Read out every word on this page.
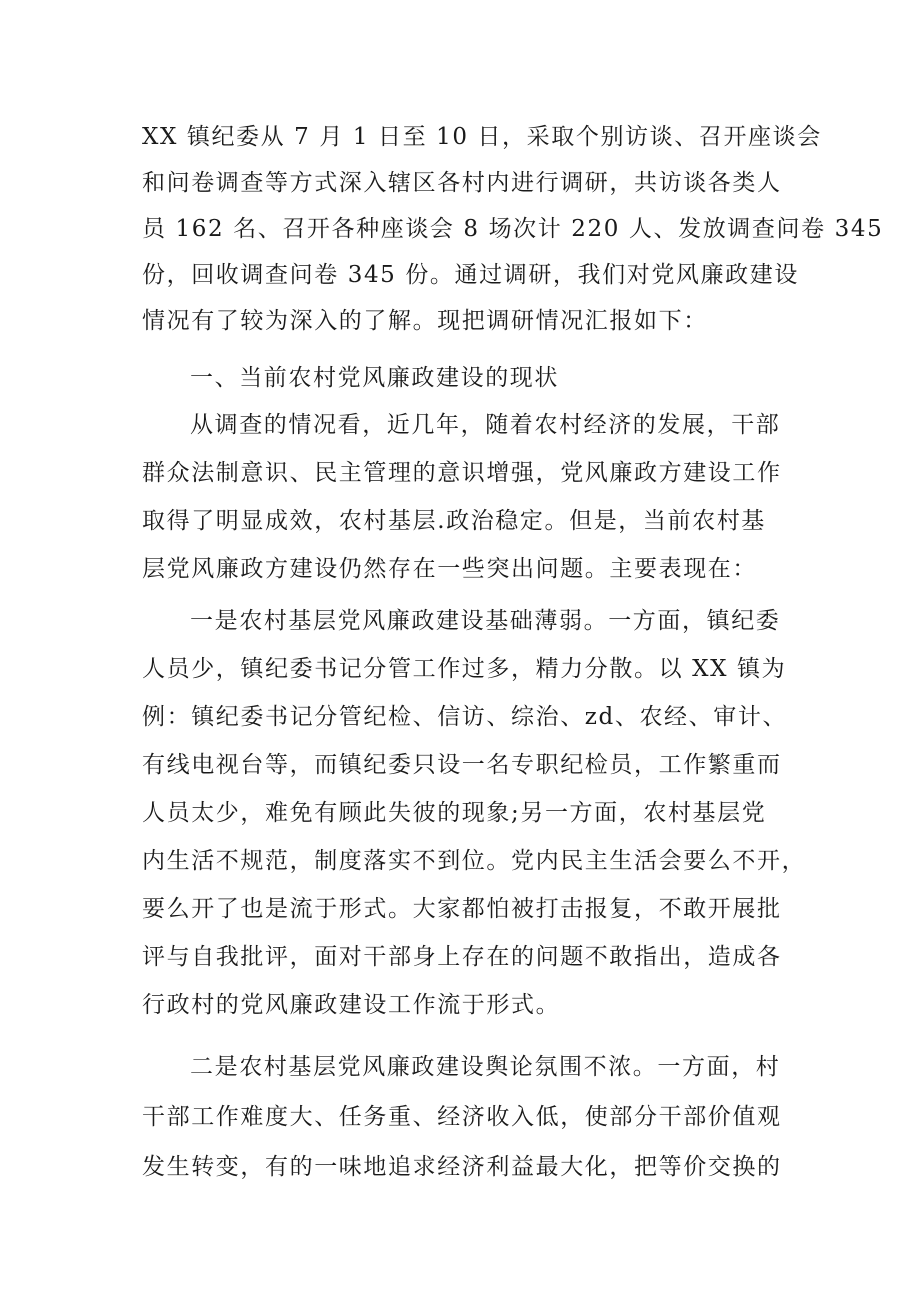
XX 镇纪委从 7 月 1 日至 10 日，采取个别访谈、召开座谈会

和问卷调查等方式深入辖区各村内进行调研，共访谈各类人

员 162 名、召开各种座谈会 8 场次计 220 人、发放调查问卷 345

份，回收调查问卷 345 份。通过调研，我们对党风廉政建设

情况有了较为深入的了解。现把调研情况汇报如下：

一、当前农村党风廉政建设的现状

从调查的情况看，近几年，随着农村经济的发展，干部

群众法制意识、民主管理的意识增强，党风廉政方建设工作

取得了明显成效，农村基层.政治稳定。但是，当前农村基

层党风廉政方建设仍然存在一些突出问题。主要表现在：

一是农村基层党风廉政建设基础薄弱。一方面，镇纪委

人员少，镇纪委书记分管工作过多，精力分散。以 XX 镇为

例：镇纪委书记分管纪检、信访、综治、zd、农经、审计、

有线电视台等，而镇纪委只设一名专职纪检员，工作繁重而

人员太少，难免有顾此失彼的现象;另一方面，农村基层党

内生活不规范，制度落实不到位。党内民主生活会要么不开，

要么开了也是流于形式。大家都怕被打击报复，不敢开展批

评与自我批评，面对干部身上存在的问题不敢指出，造成各

行政村的党风廉政建设工作流于形式。

二是农村基层党风廉政建设舆论氛围不浓。一方面，村

干部工作难度大、任务重、经济收入低，使部分干部价值观

发生转变，有的一味地追求经济利益最大化，把等价交换的
